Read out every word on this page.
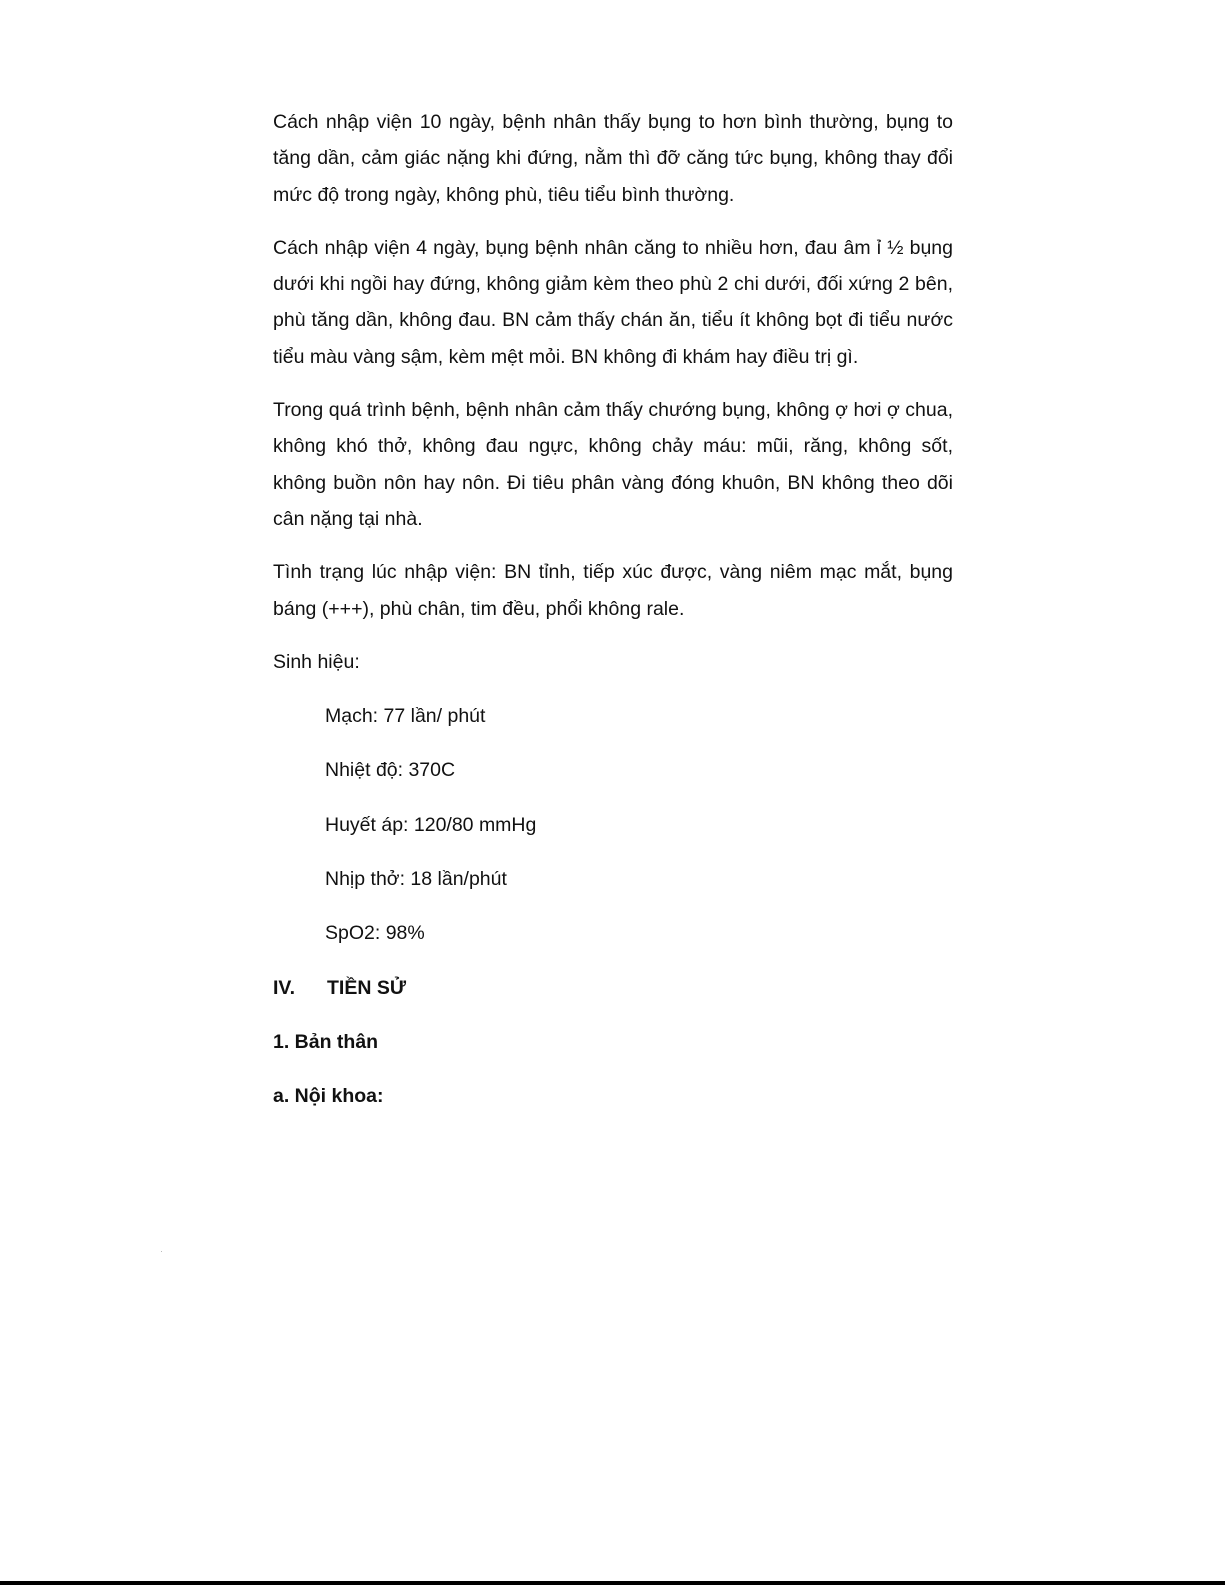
Cách nhập viện 10 ngày, bệnh nhân thấy bụng to hơn bình thường, bụng to tăng dần, cảm giác nặng khi đứng, nằm thì đỡ căng tức bụng, không thay đổi mức độ trong ngày, không phù, tiêu tiểu bình thường.

Cách nhập viện 4 ngày, bụng bệnh nhân căng to nhiều hơn, đau âm ỉ ½ bụng dưới khi ngồi hay đứng, không giảm kèm theo phù 2 chi dưới, đối xứng 2 bên, phù tăng dần, không đau. BN cảm thấy chán ăn, tiểu ít không bọt đi tiểu nước tiểu màu vàng sậm, kèm mệt mỏi. BN không đi khám hay điều trị gì.

Trong quá trình bệnh, bệnh nhân cảm thấy chướng bụng, không ợ hơi ợ chua, không khó thở, không đau ngực, không chảy máu: mũi, răng, không sốt, không buồn nôn hay nôn. Đi tiêu phân vàng đóng khuôn, BN không theo dõi cân nặng tại nhà.

Tình trạng lúc nhập viện: BN tỉnh, tiếp xúc được, vàng niêm mạc mắt, bụng báng (+++), phù chân, tim đều, phổi không rale.

Sinh hiệu:

Mạch: 77 lần/ phút

Nhiệt độ: 370C

Huyết áp: 120/80 mmHg

Nhịp thở: 18 lần/phút

SpO2: 98%

IV. TIỀN SỬ

1. Bản thân

a. Nội khoa:
